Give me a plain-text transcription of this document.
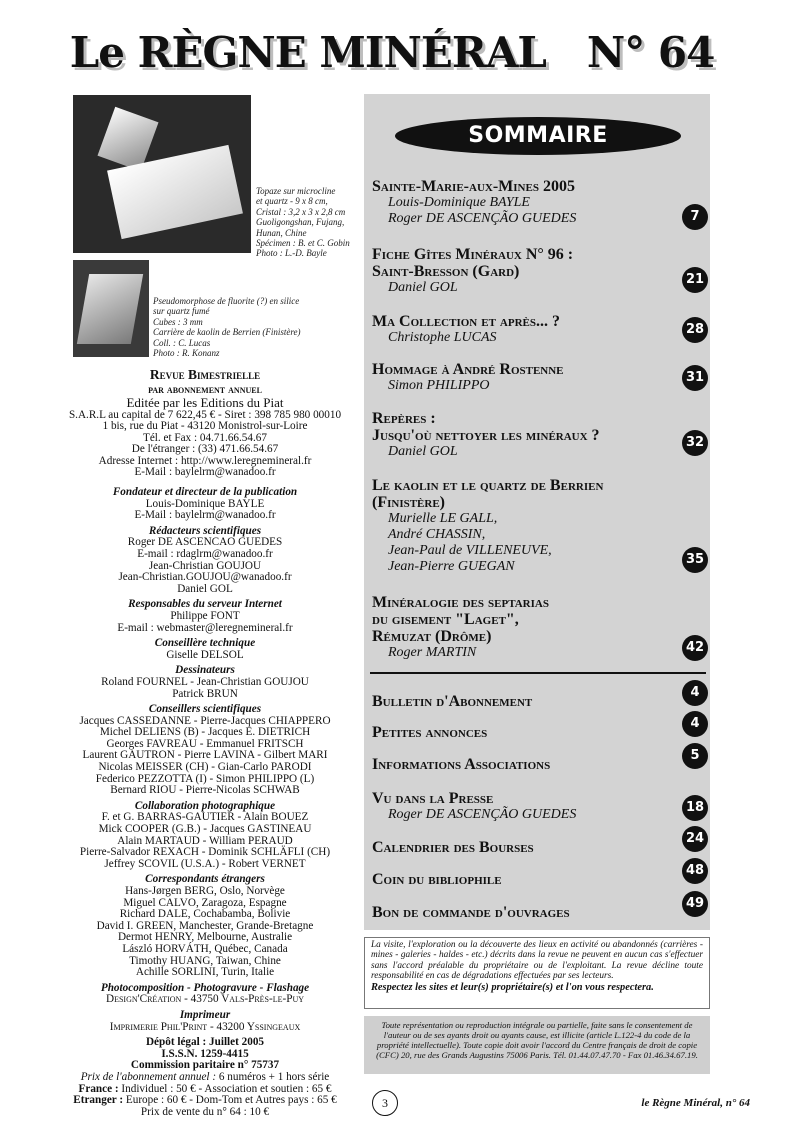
Le RÈGNE MINÉRAL N° 64
Topaze sur microcline
et quartz - 9 x 8 cm,
Cristal : 3,2 x 3 x 2,8 cm
Guoligongshan, Fujang,
Hunan, Chine
Spécimen : B. et C. Gobin
Photo : L.-D. Bayle
Pseudomorphose de fluorite (?) en silice
sur quartz fumé
Cubes : 3 mm
Carrière de kaolin de Berrien (Finistère)
Coll. : C. Lucas
Photo : R. Konanz
Revue Bimestrielle
par abonnement annuel
Editée par les Editions du Piat
S.A.R.L au capital de 7 622,45 € - Siret : 398 785 980 00010
1 bis, rue du Piat - 43120 Monistrol-sur-Loire
Tél. et Fax : 04.71.66.54.67
De l'étranger : (33) 471.66.54.67
Adresse Internet : http://www.leregnemineral.fr
E-Mail : baylelrm@wanadoo.fr
Fondateur et directeur de la publication
Louis-Dominique BAYLE
E-Mail : baylelrm@wanadoo.fr
Rédacteurs scientifiques
Roger DE ASCENCAO GUEDES
E-mail : rdaglrm@wanadoo.fr
Jean-Christian GOUJOU
Jean-Christian.GOUJOU@wanadoo.fr
Daniel GOL
Responsables du serveur Internet
Philippe FONT
E-mail : webmaster@leregnemineral.fr
Conseillère technique
Giselle DELSOL
Dessinateurs
Roland FOURNEL - Jean-Christian GOUJOU
Patrick BRUN
Conseillers scientifiques
Jacques CASSEDANNE - Pierre-Jacques CHIAPPERO
Michel DELIENS (B) - Jacques E. DIETRICH
Georges FAVREAU - Emmanuel FRITSCH
Laurent GAUTRON - Pierre LAVINA - Gilbert MARI
Nicolas MEISSER (CH) - Gian-Carlo PARODI
Federico PEZZOTTA (I) - Simon PHILIPPO (L)
Bernard RIOU - Pierre-Nicolas SCHWAB
Collaboration photographique
F. et G. BARRAS-GAUTIER - Alain BOUEZ
Mick COOPER (G.B.) - Jacques GASTINEAU
Alain MARTAUD - William PERAUD
Pierre-Salvador REXACH - Dominik SCHLÄFLI (CH)
Jeffrey SCOVIL (U.S.A.) - Robert VERNET
Correspondants étrangers
Hans-Jørgen BERG, Oslo, Norvège
Miguel CALVO, Zaragoza, Espagne
Richard DALE, Cochabamba, Bolivie
David I. GREEN, Manchester, Grande-Bretagne
Dermot HENRY, Melbourne, Australie
László HORVÁTH, Québec, Canada
Timothy HUANG, Taiwan, Chine
Achille SORLINI, Turin, Italie
Photocomposition - Photogravure - Flashage
Design'Création - 43750 Vals-Près-le-Puy
Imprimeur
Imprimerie Phil'Print - 43200 Yssingeaux
Dépôt légal : Juillet 2005
I.S.S.N. 1259-4415
Commission paritaire n° 75737
Prix de l'abonnement annuel : 6 numéros + 1 hors série
France : Individuel : 50 € - Association et soutien : 65 €
Etranger : Europe : 60 € - Dom-Tom et Autres pays : 65 €
Prix de vente du n° 64 : 10 €
SOMMAIRE
Sainte-Marie-aux-Mines 2005
Louis-Dominique BAYLE
Roger DE ASCENÇÃO GUEDES	7
Fiche Gîtes Minéraux N° 96 :
Saint-Bresson (Gard)
Daniel GOL
21
Ma Collection et après... ?
Christophe LUCAS
28
Hommage à André Rostenne
Simon PHILIPPO
31
Repères :
Jusqu'où nettoyer les minéraux ?
Daniel GOL
32
Le kaolin et le quartz de Berrien
(Finistère)
Murielle LE GALL,
André CHASSIN,
Jean-Paul de VILLENEUVE,
Jean-Pierre GUEGAN	35
Minéralogie des septarias
du gisement "Laget",
Rémuzat (Drôme)
Roger MARTIN	42
Bulletin d'Abonnement
4
Petites annonces
4
Informations Associations
5
Vu dans la Presse
Roger DE ASCENÇÃO GUEDES	18
Calendrier des Bourses
24
Coin du bibliophile
48
Bon de commande d'ouvrages
49
La visite, l'exploration ou la découverte des lieux en activité ou abandonnés (carrières - mines - galeries - haldes - etc.) décrits dans la revue ne peuvent en aucun cas s'effectuer sans l'accord préalable du propriétaire ou de l'exploitant. La revue décline toute responsabilité en cas de dégradations effectuées par ses lecteurs.
Respectez les sites et leur(s) propriétaire(s) et l'on vous respectera.
Toute représentation ou reproduction intégrale ou partielle, faite sans le consentement de l'auteur ou de ses ayants droit ou ayants cause, est illicite (article L.122-4 du code de la propriété intellectuelle). Toute copie doit avoir l'accord du Centre français de droit de copie (CFC) 20, rue des Grands Augustins 75006 Paris. Tél. 01.44.07.47.70 - Fax 01.46.34.67.19.
3	le Règne Minéral, n° 64
